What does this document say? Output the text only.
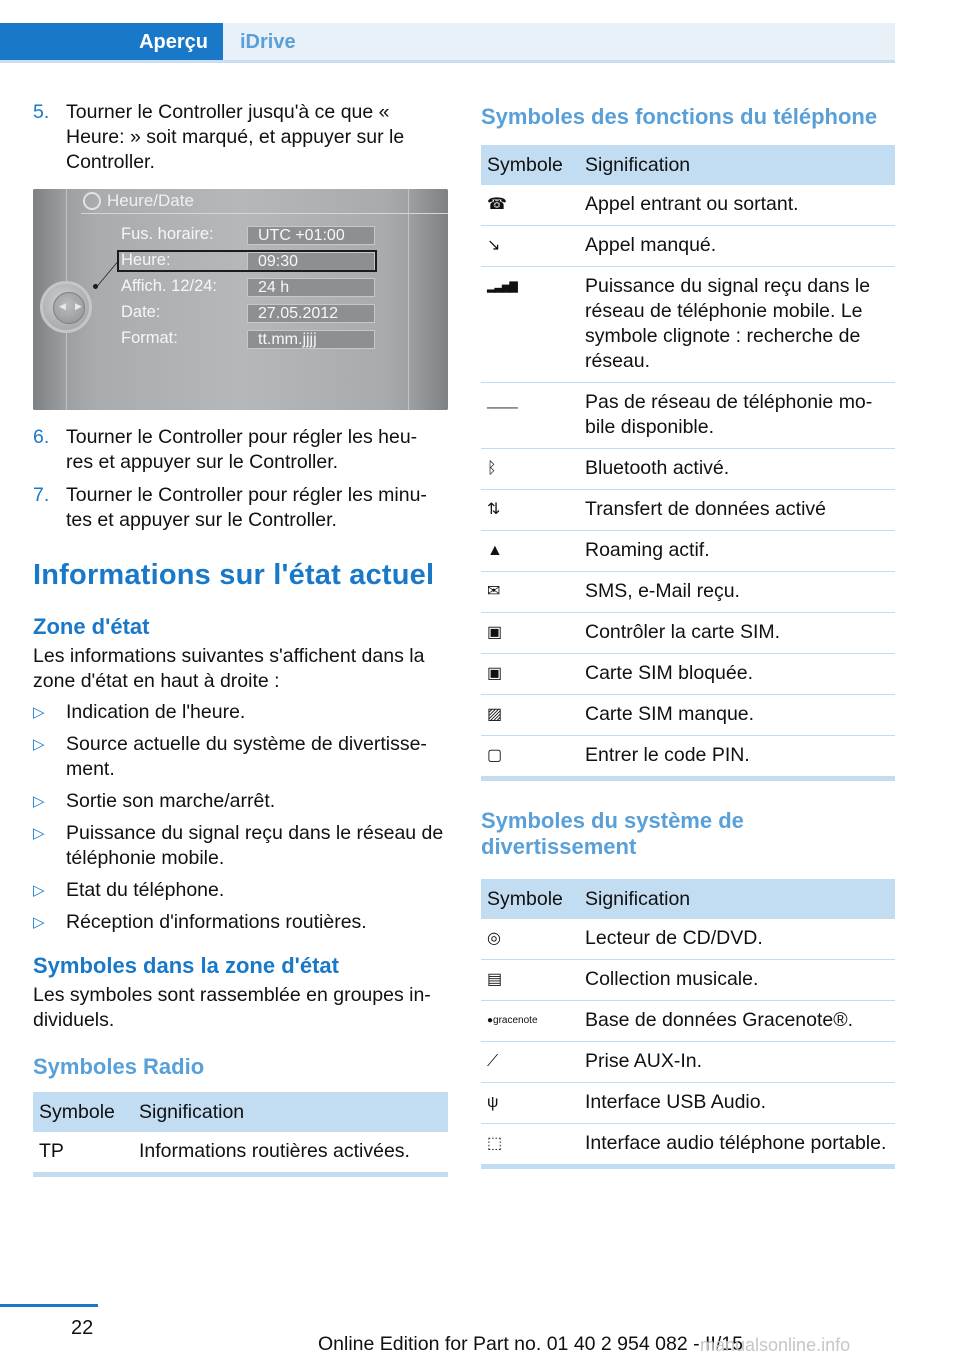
Aperçu	iDrive
5. Tourner le Controller jusqu'à ce que « Heure: » soit marqué, et appuyer sur le Controller.
Heure/Date
Fus. horaire:	UTC +01:00
Heure:	09:30
Affich. 12/24:	24 h
Date:	27.05.2012
Format:	tt.mm.jjjj
◀ ▶
6. Tourner le Controller pour régler les heu‐ res et appuyer sur le Controller.
7. Tourner le Controller pour régler les minu‐ tes et appuyer sur le Controller.
Informations sur l'état actuel
Zone d'état

Les informations suivantes s'affichent dans la zone d'état en haut à droite :

▷ Indication de l'heure.
▷ Source actuelle du système de divertisse‐ ment.
▷ Sortie son marche/arrêt.
▷ Puissance du signal reçu dans le réseau de téléphonie mobile.
▷ Etat du téléphone.
▷ Réception d'informations routières.
Symboles dans la zone d'état

Les symboles sont rassemblée en groupes in‐ dividuels.

Symboles Radio
Symbole	Signification
TP	Informations routières activées.
Symboles des fonctions du téléphone
Symbole	Signification
☎	Appel entrant ou sortant.
↘	Appel manqué.
▂▃▅▇	Puissance du signal reçu dans le réseau de téléphonie mobile. Le symbole clignote : recherche de réseau.
▁▁▁▁	Pas de réseau de téléphonie mo‐ bile disponible.
ᛒ	Bluetooth activé.
⇅	Transfert de données activé
▲	Roaming actif.
✉	SMS, e-Mail reçu.
▣	Contrôler la carte SIM.
▣	Carte SIM bloquée.
▨	Carte SIM manque.
▢	Entrer le code PIN.
Symboles du système de divertissement
Symbole	Signification
◎	Lecteur de CD/DVD.
▤	Collection musicale.
●gracenote	Base de données Gracenote®.
⟋	Prise AUX-In.
ψ	Interface USB Audio.
⬚	Interface audio téléphone portable.
22
Online Edition for Part no. 01 40 2 954 082 - II/15
manualsonline.info
